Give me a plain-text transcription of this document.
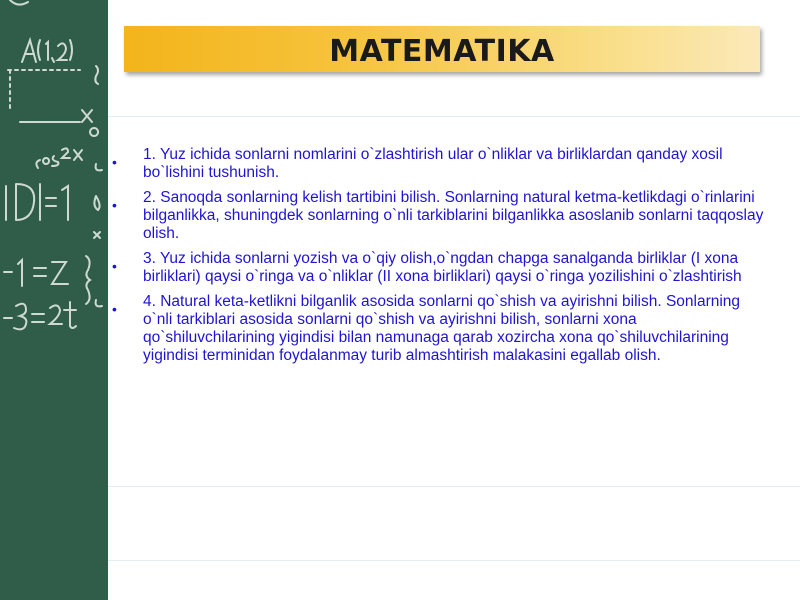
MATEMATIKA
• 1. Yuz ichida sonlarni nomlarini o`zlashtirish ular o`nliklar va birliklardan qanday xosil bo`lishini tushunish.
• 2. Sanoqda sonlarning kelish tartibini bilish. Sonlarning natural ketma-ketlikdagi o`rinlarini bilganlikka, shuningdek sonlarning o`nli tarkiblarini bilganlikka asoslanib sonlarni taqqoslay olish.
• 3. Yuz ichida sonlarni yozish va o`qiy olish,o`ngdan chapga sanalganda birliklar (I xona birliklari) qaysi o`ringa va o`nliklar (II xona birliklari) qaysi o`ringa yozilishini o`zlashtirish
• 4. Natural keta-ketlikni bilganlik asosida sonlarni qo`shish va ayirishni bilish. Sonlarning o`nli tarkiblari asosida sonlarni qo`shish va ayirishni bilish, sonlarni xona qo`shiluvchilarining yigindisi bilan namunaga qarab xozircha xona qo`shiluvchilarining yigindisi terminidan foydalanmay turib almashtirish malakasini egallab olish.
